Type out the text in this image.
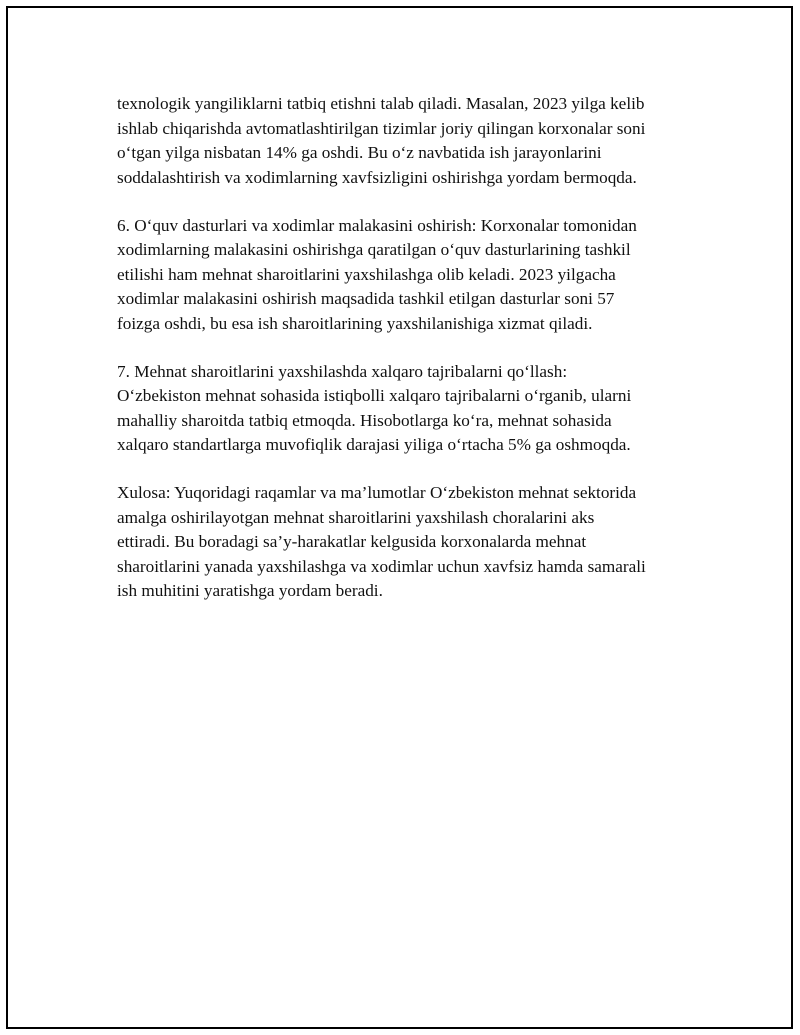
texnologik yangiliklarni tatbiq etishni talab qiladi. Masalan, 2023 yilga kelib
ishlab chiqarishda avtomatlashtirilgan tizimlar joriy qilingan korxonalar soni
o‘tgan yilga nisbatan 14% ga oshdi. Bu o‘z navbatida ish jarayonlarini
soddalashtirish va xodimlarning xavfsizligini oshirishga yordam bermoqda.

6. O‘quv dasturlari va xodimlar malakasini oshirish: Korxonalar tomonidan
xodimlarning malakasini oshirishga qaratilgan o‘quv dasturlarining tashkil
etilishi ham mehnat sharoitlarini yaxshilashga olib keladi. 2023 yilgacha
xodimlar malakasini oshirish maqsadida tashkil etilgan dasturlar soni 57
foizga oshdi, bu esa ish sharoitlarining yaxshilanishiga xizmat qiladi.

7. Mehnat sharoitlarini yaxshilashda xalqaro tajribalarni qo‘llash:
O‘zbekiston mehnat sohasida istiqbolli xalqaro tajribalarni o‘rganib, ularni
mahalliy sharoitda tatbiq etmoqda. Hisobotlarga ko‘ra, mehnat sohasida
xalqaro standartlarga muvofiqlik darajasi yiliga o‘rtacha 5% ga oshmoqda.

Xulosa: Yuqoridagi raqamlar va ma’lumotlar O‘zbekiston mehnat sektorida
amalga oshirilayotgan mehnat sharoitlarini yaxshilash choralarini aks
ettiradi. Bu boradagi sa’y-harakatlar kelgusida korxonalarda mehnat
sharoitlarini yanada yaxshilashga va xodimlar uchun xavfsiz hamda samarali
ish muhitini yaratishga yordam beradi.
